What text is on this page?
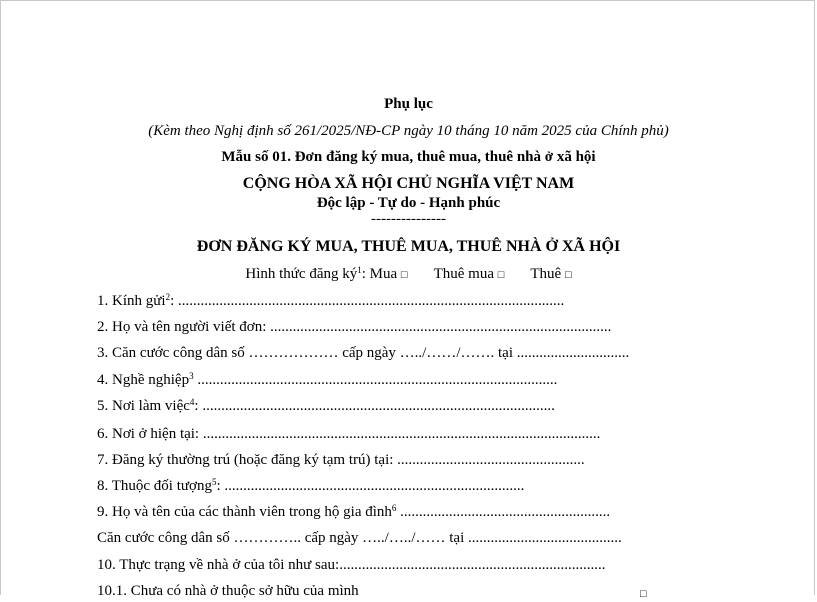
Phụ lục
(Kèm theo Nghị định số 261/2025/NĐ-CP ngày 10 tháng 10 năm 2025 của Chính phủ)
Mẫu số 01. Đơn đăng ký mua, thuê mua, thuê nhà ở xã hội
CỘNG HÒA XÃ HỘI CHỦ NGHĨA VIỆT NAM
Độc lập - Tự do - Hạnh phúc
---------------
ĐƠN ĐĂNG KÝ MUA, THUÊ MUA, THUÊ NHÀ Ở XÃ HỘI
Hình thức đăng $ký^1$: Mua □ Thuê mua □ Thuê □
1. Kính gửi$^2$: .......................................................................................................
2. Họ và tên người viết đơn: ...........................................................................................
3. Căn cước công dân số ……………… cấp ngày …../……/……. tại ..............................
4. Nghề nghiệp$^3$ ................................................................................................
5. Nơi làm việc$^4$: ..............................................................................................
6. Nơi ở hiện tại: ..........................................................................................................
7. Đăng ký thường trú (hoặc đăng ký tạm trú) tại: ..................................................
8. Thuộc đối tượng$^5$: ................................................................................
9. Họ và tên của các thành viên trong hộ gia đình$^6$ ........................................................
Căn cước công dân số ………….. cấp ngày …../…../…… tại .........................................
10. Thực trạng về nhà ở của tôi như sau:.......................................................................
10.1. Chưa có nhà ở thuộc sở hữu của mình	□
